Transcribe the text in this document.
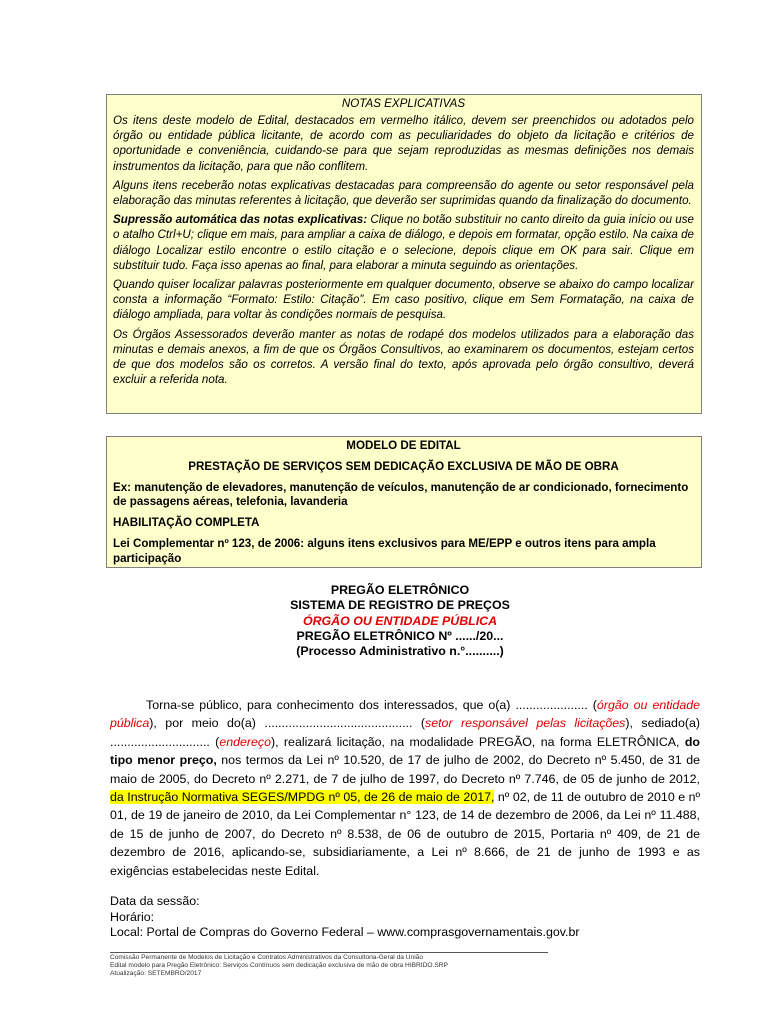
NOTAS EXPLICATIVAS

Os itens deste modelo de Edital, destacados em vermelho itálico, devem ser preenchidos ou adotados pelo órgão ou entidade pública licitante, de acordo com as peculiaridades do objeto da licitação e critérios de oportunidade e conveniência, cuidando-se para que sejam reproduzidas as mesmas definições nos demais instrumentos da licitação, para que não conflitem.

Alguns itens receberão notas explicativas destacadas para compreensão do agente ou setor responsável pela elaboração das minutas referentes à licitação, que deverão ser suprimidas quando da finalização do documento.

Supressão automática das notas explicativas: Clique no botão substituir no canto direito da guia início ou use o atalho Ctrl+U; clique em mais, para ampliar a caixa de diálogo, e depois em formatar, opção estilo. Na caixa de diálogo Localizar estilo encontre o estilo citação e o selecione, depois clique em OK para sair. Clique em substituir tudo. Faça isso apenas ao final, para elaborar a minuta seguindo as orientações.

Quando quiser localizar palavras posteriormente em qualquer documento, observe se abaixo do campo localizar consta a informação “Formato: Estilo: Citação”. Em caso positivo, clique em Sem Formatação, na caixa de diálogo ampliada, para voltar às condições normais de pesquisa.

Os Órgãos Assessorados deverão manter as notas de rodapé dos modelos utilizados para a elaboração das minutas e demais anexos, a fim de que os Órgãos Consultivos, ao examinarem os documentos, estejam certos de que dos modelos são os corretos. A versão final do texto, após aprovada pelo órgão consultivo, deverá excluir a referida nota.

MODELO DE EDITAL

PRESTAÇÃO DE SERVIÇOS SEM DEDICAÇÃO EXCLUSIVA DE MÃO DE OBRA

Ex: manutenção de elevadores, manutenção de veículos, manutenção de ar condicionado, fornecimento de passagens aéreas, telefonia, lavanderia

HABILITAÇÃO COMPLETA

Lei Complementar nº 123, de 2006: alguns itens exclusivos para ME/EPP e outros itens para ampla participação

PREGÃO ELETRÔNICO
SISTEMA DE REGISTRO DE PREÇOS
ÓRGÃO OU ENTIDADE PÚBLICA
PREGÃO ELETRÔNICO Nº ....../20...
(Processo Administrativo n.°..........)
Torna-se público, para conhecimento dos interessados, que o(a) ..................... (órgão ou entidade pública), por meio do(a) ........................................... (setor responsável pelas licitações), sediado(a) ............................. (endereço), realizará licitação, na modalidade PREGÃO, na forma ELETRÔNICA, do tipo menor preço, nos termos da Lei nº 10.520, de 17 de julho de 2002, do Decreto nº 5.450, de 31 de maio de 2005, do Decreto nº 2.271, de 7 de julho de 1997, do Decreto nº 7.746, de 05 de junho de 2012, da Instrução Normativa SEGES/MPDG nº 05, de 26 de maio de 2017, nº 02, de 11 de outubro de 2010 e nº 01, de 19 de janeiro de 2010, da Lei Complementar n° 123, de 14 de dezembro de 2006, da Lei nº 11.488, de 15 de junho de 2007, do Decreto nº 8.538, de 06 de outubro de 2015, Portaria nº 409, de 21 de dezembro de 2016, aplicando-se, subsidiariamente, a Lei nº 8.666, de 21 de junho de 1993 e as exigências estabelecidas neste Edital.
Data da sessão:
Horário:
Local: Portal de Compras do Governo Federal – www.comprasgovernamentais.gov.br
Comissão Permanente de Modelos de Licitação e Contratos Administrativos da Consultoria-Geral da União
Edital modelo para Pregão Eletrônico: Serviços Contínuos sem dedicação exclusiva de mão de obra HIBRIDO.SRP
Atualização: SETEMBRO/2017
